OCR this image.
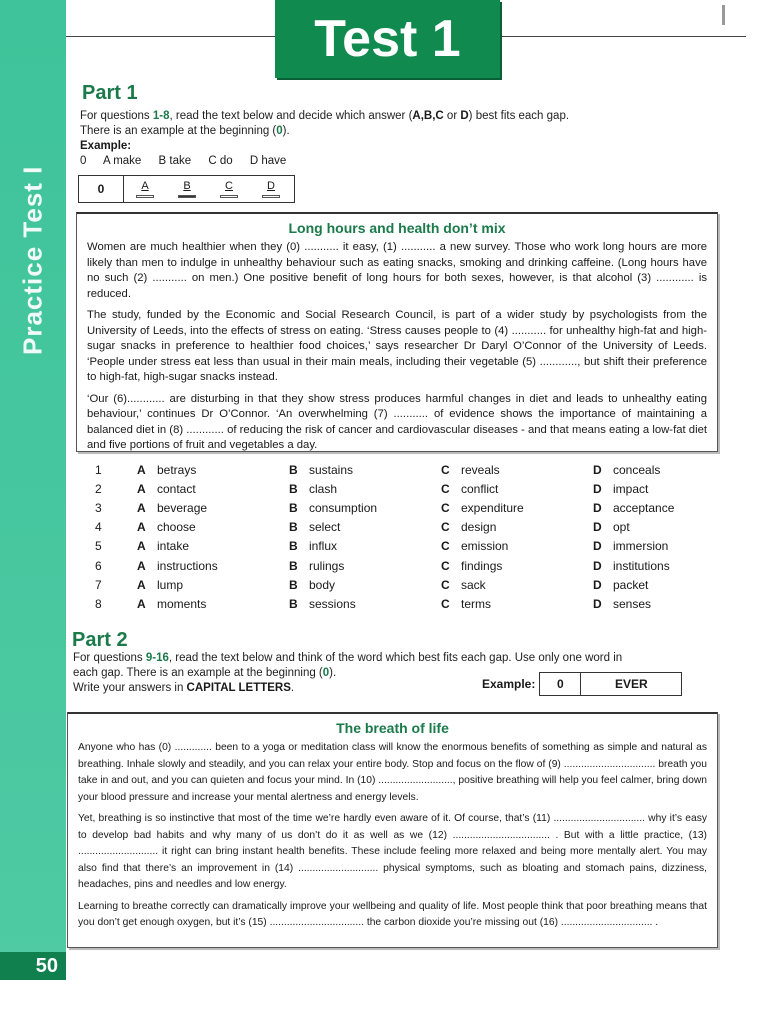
Practice Test I
50
Test 1
Part 1
For questions 1-8, read the text below and decide which answer (A,B,C or D) best fits each gap.
There is an example at the beginning (0).
Example:
0 A make B take C do D have
0	A	B	C	D
Long hours and health don’t mix

Women are much healthier when they (0) ........... it easy, (1) ........... a new survey. Those who work long hours are more likely than men to indulge in unhealthy behaviour such as eating snacks, smoking and drinking caffeine. (Long hours have no such (2) ........... on men.) One positive benefit of long hours for both sexes, however, is that alcohol (3) ............ is reduced.

The study, funded by the Economic and Social Research Council, is part of a wider study by psychologists from the University of Leeds, into the effects of stress on eating. ‘Stress causes people to (4) ........... for unhealthy high-fat and high-sugar snacks in preference to healthier food choices,’ says researcher Dr Daryl O’Connor of the University of Leeds. ‘People under stress eat less than usual in their main meals, including their vegetable (5) ............, but shift their preference to high-fat, high-sugar snacks instead.

‘Our (6)............ are disturbing in that they show stress produces harmful changes in diet and leads to unhealthy eating behaviour,’ continues Dr O’Connor. ‘An overwhelming (7) ........... of evidence shows the importance of maintaining a balanced diet in (8) ............ of reducing the risk of cancer and cardiovascular diseases - and that means eating a low-fat diet and five portions of fruit and vegetables a day.

1	A betrays	B sustains	C reveals	D conceals
2	A contact	B clash	C conflict	D impact
3	A beverage	B consumption	C expenditure	D acceptance
4	A choose	B select	C design	D opt
5	A intake	B influx	C emission	D immersion
6	A instructions	B rulings	C findings	D institutions
7	A lump	B body	C sack	D packet
8	A moments	B sessions	C terms	D senses
Part 2
For questions 9-16, read the text below and think of the word which best fits each gap. Use only one word in
each gap. There is an example at the beginning (0).
Write your answers in CAPITAL LETTERS.	Example:	0	EVER
The breath of life

Anyone who has (0) ............. been to a yoga or meditation class will know the enormous benefits of something as simple and natural as breathing. Inhale slowly and steadily, and you can relax your entire body. Stop and focus on the flow of (9) ................................ breath you take in and out, and you can quieten and focus your mind. In (10) .........................., positive breathing will help you feel calmer, bring down your blood pressure and increase your mental alertness and energy levels.

Yet, breathing is so instinctive that most of the time we’re hardly even aware of it. Of course, that’s (11) ................................ why it’s easy to develop bad habits and why many of us don’t do it as well as we (12) .................................. . But with a little practice, (13) ............................ it right can bring instant health benefits. These include feeling more relaxed and being more mentally alert. You may also find that there’s an improvement in (14) ............................ physical symptoms, such as bloating and stomach pains, dizziness, headaches, pins and needles and low energy.

Learning to breathe correctly can dramatically improve your wellbeing and quality of life. Most people think that poor breathing means that you don’t get enough oxygen, but it’s (15) ................................. the carbon dioxide you’re missing out (16) ................................ .
